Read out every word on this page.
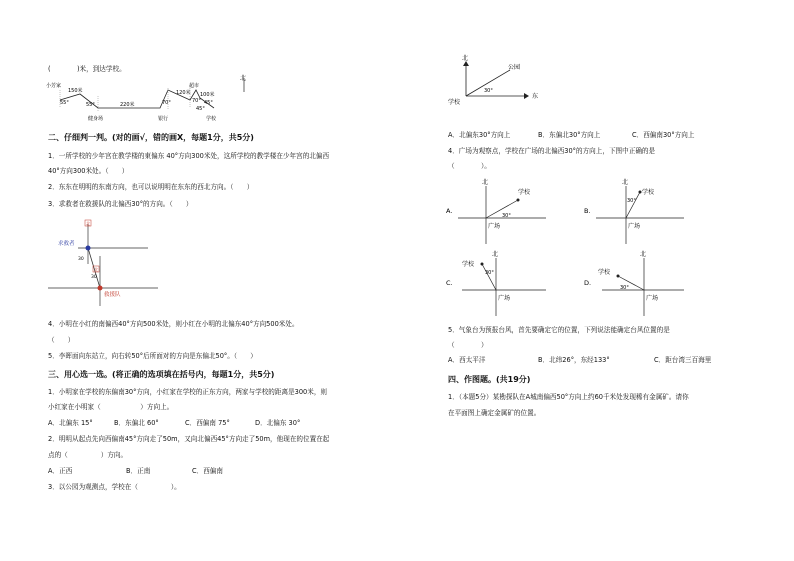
(　　　　)米，到达学校。
小芳家
150米
55°	55°	220米	70°
120米
超市
70°
100米
45°
45°
健身场	银行	学校
北
二、仔细判一判。(对的画√，错的画X，每题1分，共5分)
1．一所学校的少年宫在教学楼的東偏东 40°方向300米处，这所学校的教学楼在少年宫的北偏西
40°方向300米处。（　　）
2．东东在明明的东南方向，也可以说明明在东东的西北方向。（　　）
3．求救者在救援队的北偏西30°的方向。（　　）
北
求救者
30
30
北
救援队
4．小明在小红的南偏西40°方向500米处，则小红在小明的北偏东40°方向500米处。
（　　）
5．李晖面向东站立，向右转50°后所面对的方向是东偏北50°。（　　）
三、用心选一选。(将正确的选项填在括号内，每题1分，共5分)
1．小明家在学校的东偏南30°方向，小红家在学校的正东方向，两家与学校的距离是300米，则
小红家在小明家（　　　　　　）方向上。
A．北偏东 15°	B．东偏北 60°	C．西偏南 75°	D．北偏东 30°
2．明明从起点先向西偏南45°方向走了50m，又向北偏西45°方向走了50m，他现在的位置在起
点的（　　　　　）方向。
A．正西	B．正南	C．西偏南
3．以公园为观测点，学校在（　　　　　）。
北
公园
30°
学校
东
A．北偏东30°方向上	B．东偏北30°方向上	C．西偏南30°方向上
4．广场为观察点，学校在广场的北偏西30°的方向上，下图中正确的是
（　　　　）。
A.
北
30°
学校
广场
B.
北
30°
学校
广场
C.
北
30°
学校
广场
D.
北
30°
学校
广场
5．气象台为预报台风，首先要确定它的位置，下列说法能确定台风位置的是
（　　　　）
A．西太平洋	B．北纬26°，东经133°	C．距台湾三百海里
四、作图题。(共19分)
1．（本题5分）某勘探队在A城南偏西50°方向上约60千米处发现稀有金属矿。请你
在平面图上确定金属矿的位置。
